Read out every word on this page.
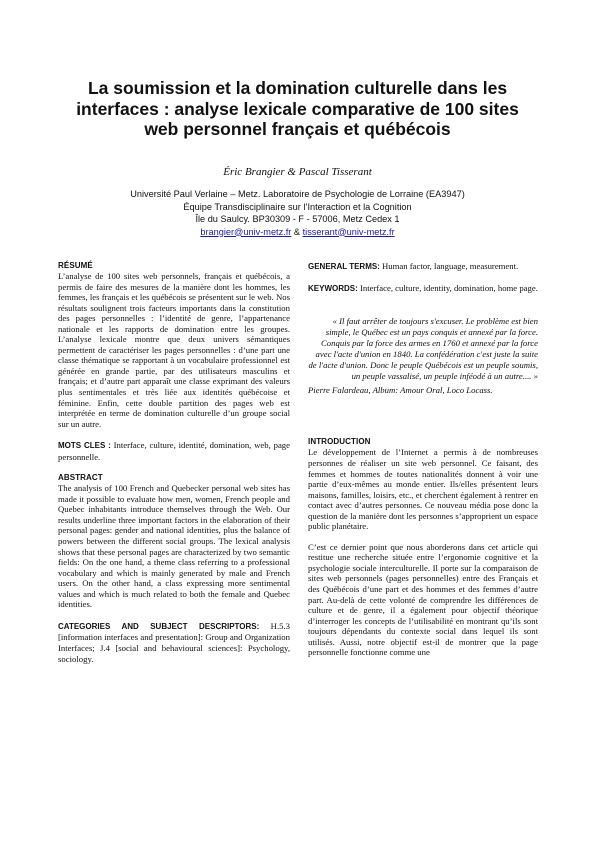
La soumission et la domination culturelle dans les
interfaces : analyse lexicale comparative de 100 sites
web personnel français et québécois
Éric Brangier & Pascal Tisserant
Université Paul Verlaine – Metz. Laboratoire de Psychologie de Lorraine (EA3947)
Équipe Transdisciplinaire sur l’Interaction et la Cognition
Île du Saulcy. BP30309 - F - 57006, Metz Cedex 1
brangier@univ-metz.fr & tisserant@univ-metz.fr

RÉSUMÉ

L’analyse de 100 sites web personnels, français et québécois, a permis de faire des mesures de la manière dont les hommes, les femmes, les français et les québécois se présentent sur le web. Nos résultats soulignent trois facteurs importants dans la constitution des pages personnelles : l’identité de genre, l’appartenance nationale et les rapports de domination entre les groupes. L’analyse lexicale montre que deux univers sémantiques permettent de caractériser les pages personnelles : d’une part une classe thématique se rapportant à un vocabulaire professionnel est générée en grande partie, par des utilisateurs masculins et français; et d’autre part apparaît une classe exprimant des valeurs plus sentimentales et très liée aux identités québécoise et féminine. Enfin, cette double partition des pages web est interprétée en terme de domination culturelle d’un groupe social sur un autre.

MOTS CLES : Interface, culture, identité, domination, web, page personnelle.

ABSTRACT

The analysis of 100 French and Quebecker personal web sites has made it possible to evaluate how men, women, French people and Quebec inhabitants introduce themselves through the Web. Our results underline three important factors in the elaboration of their personal pages: gender and national identities, plus the balance of powers between the different social groups. The lexical analysis shows that these personal pages are characterized by two semantic fields: On the one hand, a theme class referring to a professional vocabulary and which is mainly generated by male and French users. On the other hand, a class expressing more sentimental values and which is much related to both the female and Quebec identities.

CATEGORIES AND SUBJECT DESCRIPTORS: H.5.3 [information interfaces and presentation]: Group and Organization Interfaces; J.4 [social and behavioural sciences]: Psychology, sociology.

GENERAL TERMS: Human factor, language, measurement.

KEYWORDS: Interface, culture, identity, domination, home page.

« Il faut arrêter de toujours s'excuser. Le problème est bien simple, le Québec est un pays conquis et annexé par la force. Conquis par la force des armes en 1760 et annexé par la force avec l'acte d'union en 1840. La confédération c'est juste la suite de l'acte d'union. Donc le peuple Québécois est un peuple soumis, un peuple vassalisé, un peuple inféodé à un autre.... »

Pierre Falardeau, Album: Amour Oral, Loco Locass.

INTRODUCTION

Le développement de l’Internet a permis à de nombreuses personnes de réaliser un site web personnel. Ce faisant, des femmes et hommes de toutes nationalités donnent à voir une partie d’eux-mêmes au monde entier. Ils/elles présentent leurs maisons, familles, loisirs, etc., et cherchent également à rentrer en contact avec d’autres personnes. Ce nouveau média pose donc la question de la manière dont les personnes s’approprient un espace public planétaire.

C’est ce dernier point que nous aborderons dans cet article qui restitue une recherche située entre l’ergonomie cognitive et la psychologie sociale interculturelle. Il porte sur la comparaison de sites web personnels (pages personnelles) entre des Français et des Québécois d’une part et des hommes et des femmes d’autre part. Au-delà de cette volonté de comprendre les différences de culture et de genre, il a également pour objectif théorique d’interroger les concepts de l’utilisabilité en montrant qu’ils sont toujours dépendants du contexte social dans lequel ils sont utilisés. Aussi, notre objectif est-il de montrer que la page personnelle fonctionne comme une
